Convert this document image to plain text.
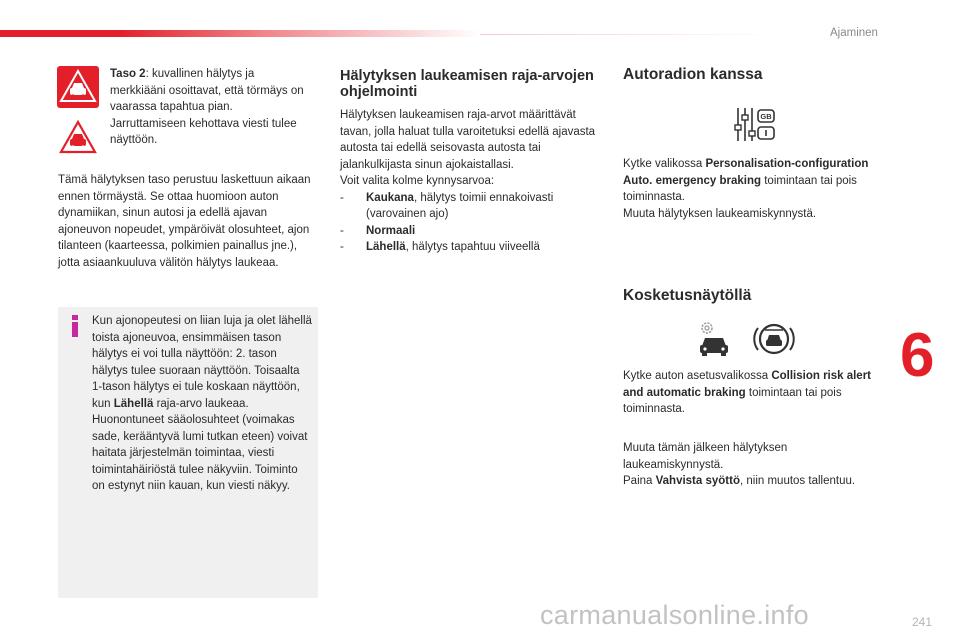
Ajaminen
6
Taso 2: kuvallinen hälytys ja merkkiääni osoittavat, että törmäys on vaarassa tapahtua pian. Jarruttamiseen kehottava viesti tulee näyttöön.
Tämä hälytyksen taso perustuu laskettuun aikaan ennen törmäystä. Se ottaa huomioon auton dynamiikan, sinun autosi ja edellä ajavan ajoneuvon nopeudet, ympäröivät olosuhteet, ajon tilanteen (kaarteessa, polkimien painallus jne.), jotta asiaankuuluva välitön hälytys laukeaa.
Kun ajonopeutesi on liian luja ja olet lähellä toista ajoneuvoa, ensimmäisen tason hälytys ei voi tulla näyttöön: 2. tason hälytys tulee suoraan näyttöön. Toisaalta 1-tason hälytys ei tule koskaan näyttöön, kun Lähellä raja-arvo laukeaa.
Huonontuneet sääolosuhteet (voimakas sade, kerääntyvä lumi tutkan eteen) voivat haitata järjestelmän toimintaa, viesti toimintahäiriöstä tulee näkyviin. Toiminto on estynyt niin kauan, kun viesti näkyy.
Hälytyksen laukeamisen raja-arvojen ohjelmointi
Hälytyksen laukeamisen raja-arvot määrittävät tavan, jolla haluat tulla varoitetuksi edellä ajavasta autosta tai edellä seisovasta autosta tai jalankulkijasta sinun ajokaistallasi.
Voit valita kolme kynnysarvoa:
-	Kaukana, hälytys toimii ennakoivasti (varovainen ajo)
-	Normaali
-	Lähellä, hälytys tapahtuu viiveellä
Autoradion kanssa
GB
Kytke valikossa Personalisation-configuration Auto. emergency braking toimintaan tai pois toiminnasta.
Muuta hälytyksen laukeamiskynnystä.
Kosketusnäytöllä
Kytke auton asetusvalikossa Collision risk alert and automatic braking toimintaan tai pois toiminnasta.
Muuta tämän jälkeen hälytyksen laukeamiskynnystä.
Paina Vahvista syöttö, niin muutos tallentuu.
carmanualsonline.info	241
